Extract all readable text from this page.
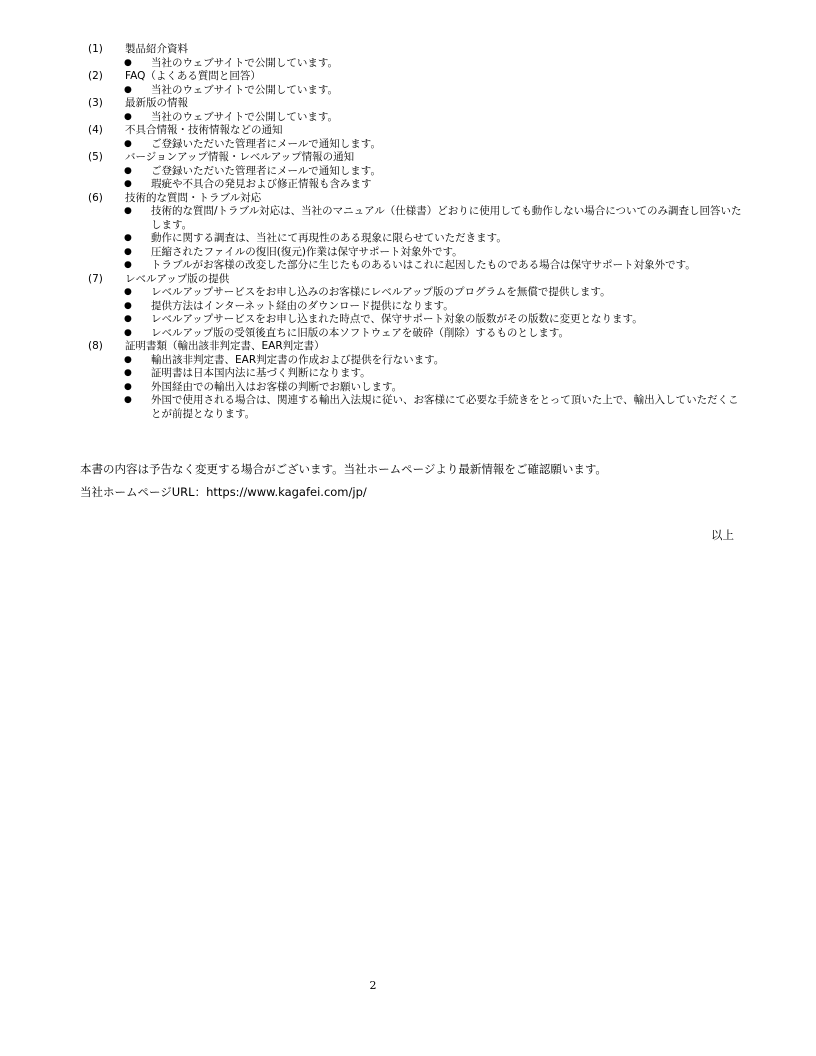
(1)	製品紹介資料
●	当社のウェブサイトで公開しています。
(2)	FAQ（よくある質問と回答）
●	当社のウェブサイトで公開しています。
(3)	最新版の情報
●	当社のウェブサイトで公開しています。
(4)	不具合情報・技術情報などの通知
●	ご登録いただいた管理者にメールで通知します。
(5)	バージョンアップ情報・レベルアップ情報の通知
●	ご登録いただいた管理者にメールで通知します。
●	瑕疵や不具合の発見および修正情報も含みます
(6)	技術的な質問・トラブル対応
●	技術的な質問/トラブル対応は、当社のマニュアル（仕様書）どおりに使用しても動作しない場合についてのみ調査し回答いたします。
●	動作に関する調査は、当社にて再現性のある現象に限らせていただきます。
●	圧縮されたファイルの復旧(復元)作業は保守サポート対象外です。
●	トラブルがお客様の改変した部分に生じたものあるいはこれに起因したものである場合は保守サポート対象外です。
(7)	レベルアップ版の提供
●	レベルアップサービスをお申し込みのお客様にレベルアップ版のプログラムを無償で提供します。
●	提供方法はインターネット経由のダウンロード提供になります。
●	レベルアップサービスをお申し込まれた時点で、保守サポート対象の版数がその版数に変更となります。
●	レベルアップ版の受領後直ちに旧版の本ソフトウェアを破砕（削除）するものとします。
(8)	証明書類（輸出該非判定書、EAR判定書）
●	輸出該非判定書、EAR判定書の作成および提供を行ないます。
●	証明書は日本国内法に基づく判断になります。
●	外国経由での輸出入はお客様の判断でお願いします。
●	外国で使用される場合は、関連する輸出入法規に従い、お客様にて必要な手続きをとって頂いた上で、輸出入していただくことが前提となります。
本書の内容は予告なく変更する場合がございます。当社ホームページより最新情報をご確認願います。
当社ホームページURL：https://www.kagafei.com/jp/
以上
2
